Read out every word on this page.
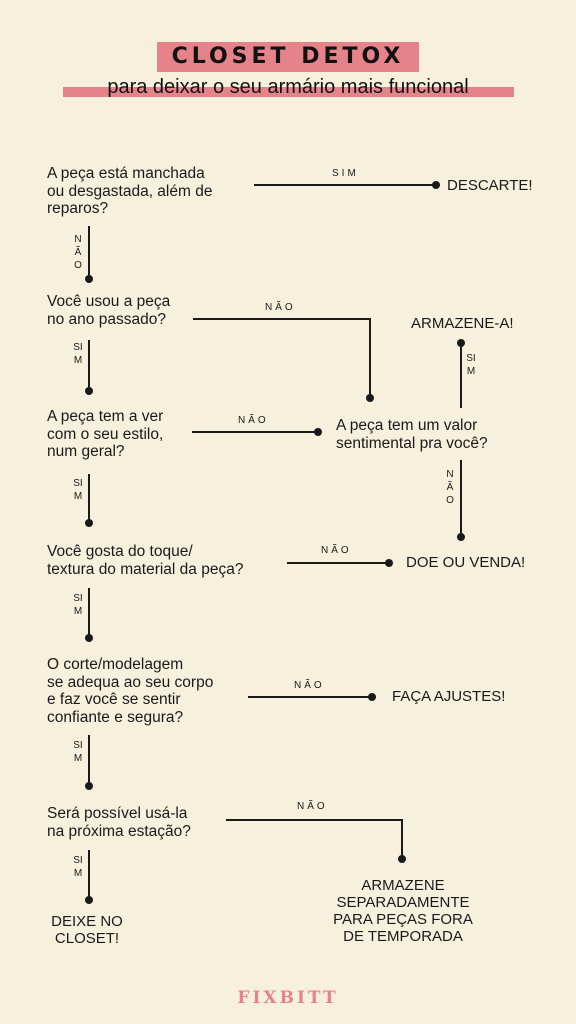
CLOSET DETOX
para deixar o seu armário mais funcional
A peça está manchada
ou desgastada, além de
reparos?
Você usou a peça
no ano passado?
A peça tem a ver
com o seu estilo,
num geral?
Você gosta do toque/
textura do material da peça?
O corte/modelagem
se adequa ao seu corpo
e faz você se sentir
confiante e segura?
Será possível usá-la
na próxima estação?
A peça tem um valor
sentimental pra você?
DESCARTE!
ARMAZENE-A!
DOE OU VENDA!
FAÇA AJUSTES!
ARMAZENE
SEPARADAMENTE
PARA PEÇAS FORA
DE TEMPORADA
DEIXE NO
CLOSET!
SIM
NÃO
NÃO
NÃO
NÃO
NÃO
NÃO
SIM
SIM
SIM
SIM
SIM
SIM
NÃO
FIXBITT
